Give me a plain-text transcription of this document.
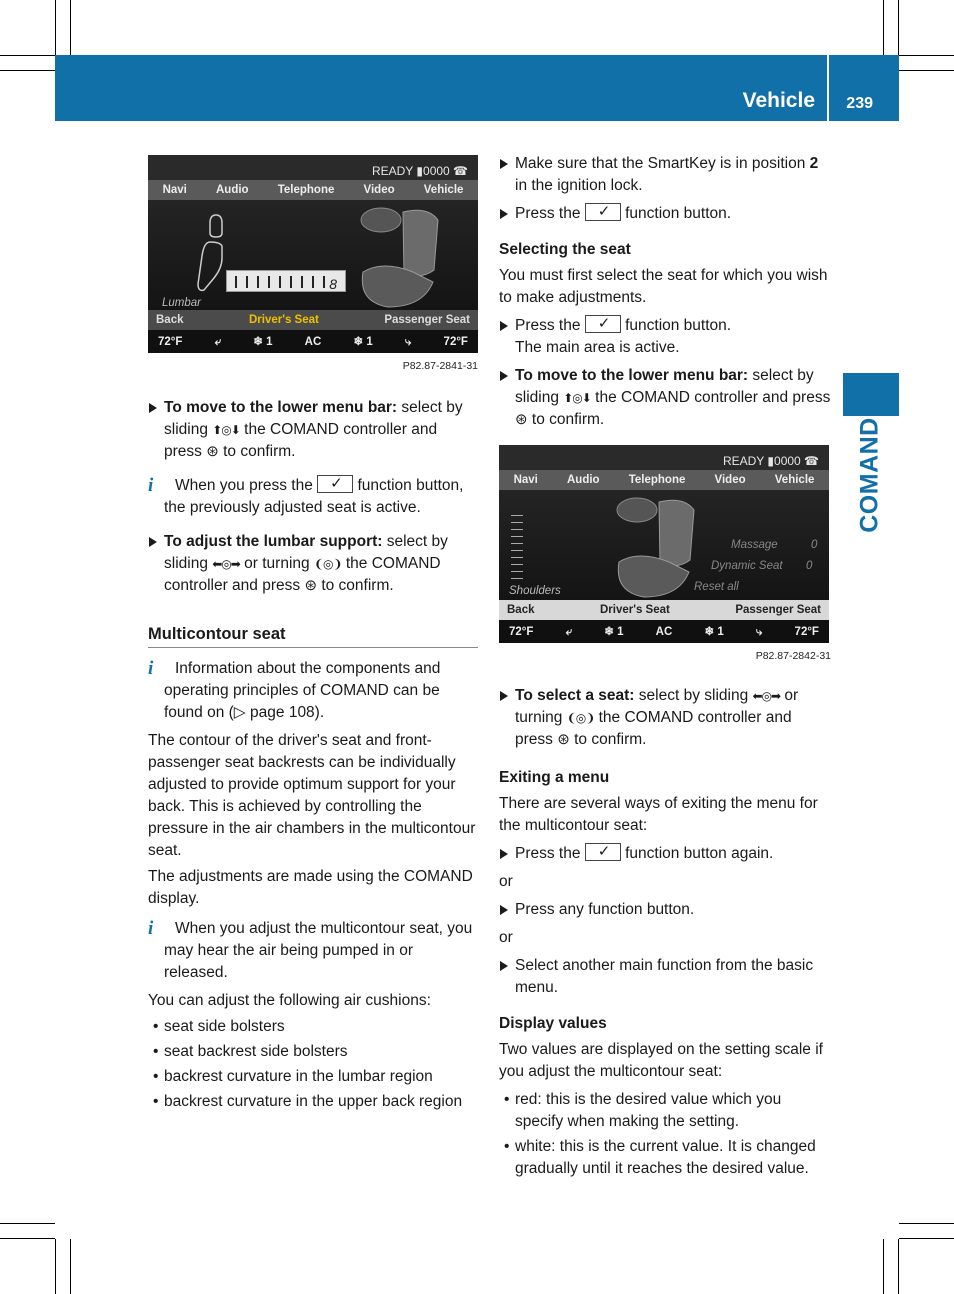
Vehicle 239
COMAND
READY ▮0000 ☎
Navi	Audio	Telephone	Video	Vehicle
8
Lumbar
Back	Driver's Seat	Passenger Seat
72°F	⤶	❄ 1	AC	❄ 1	⤷	72°F
P82.87-2841-31
To move to the lower menu bar: select by sliding ⬆◎⬇ the COMAND controller and press ⊛ to confirm.
i When you press the ✓ function button, the previously adjusted seat is active.
To adjust the lumbar support: select by sliding ⬅◎➡ or turning ❨◎❩ the COMAND controller and press ⊛ to confirm.
Multicontour seat
i Information about the components and operating principles of COMAND can be found on (▷ page 108).

The contour of the driver's seat and front-passenger seat backrests can be individually adjusted to provide optimum support for your back. This is achieved by controlling the pressure in the air chambers in the multicontour seat.

The adjustments are made using the COMAND display.

i When you adjust the multicontour seat, you may hear the air being pumped in or released.

You can adjust the following air cushions:

• seat side bolsters
• seat backrest side bolsters
• backrest curvature in the lumbar region
• backrest curvature in the upper back region
Make sure that the SmartKey is in position 2 in the ignition lock.
Press the ✓ function button.
Selecting the seat

You must first select the seat for which you wish to make adjustments.

Press the ✓ function button.
The main area is active.
To move to the lower menu bar: select by sliding ⬆◎⬇ the COMAND controller and press ⊛ to confirm.
READY ▮0000 ☎
Navi	Audio	Telephone	Video	Vehicle
Massage	0
Dynamic Seat 0
Reset all
Shoulders
Back	Driver's Seat	Passenger Seat
72°F	⤶	❄ 1	AC	❄ 1	⤷	72°F
P82.87-2842-31
To select a seat: select by sliding ⬅◎➡ or turning ❨◎❩ the COMAND controller and press ⊛ to confirm.
Exiting a menu

There are several ways of exiting the menu for the multicontour seat:

Press the ✓ function button again.
or
Press any function button.
or
Select another main function from the basic menu.
Display values

Two values are displayed on the setting scale if you adjust the multicontour seat:

• red: this is the desired value which you specify when making the setting.
• white: this is the current value. It is changed gradually until it reaches the desired value.
